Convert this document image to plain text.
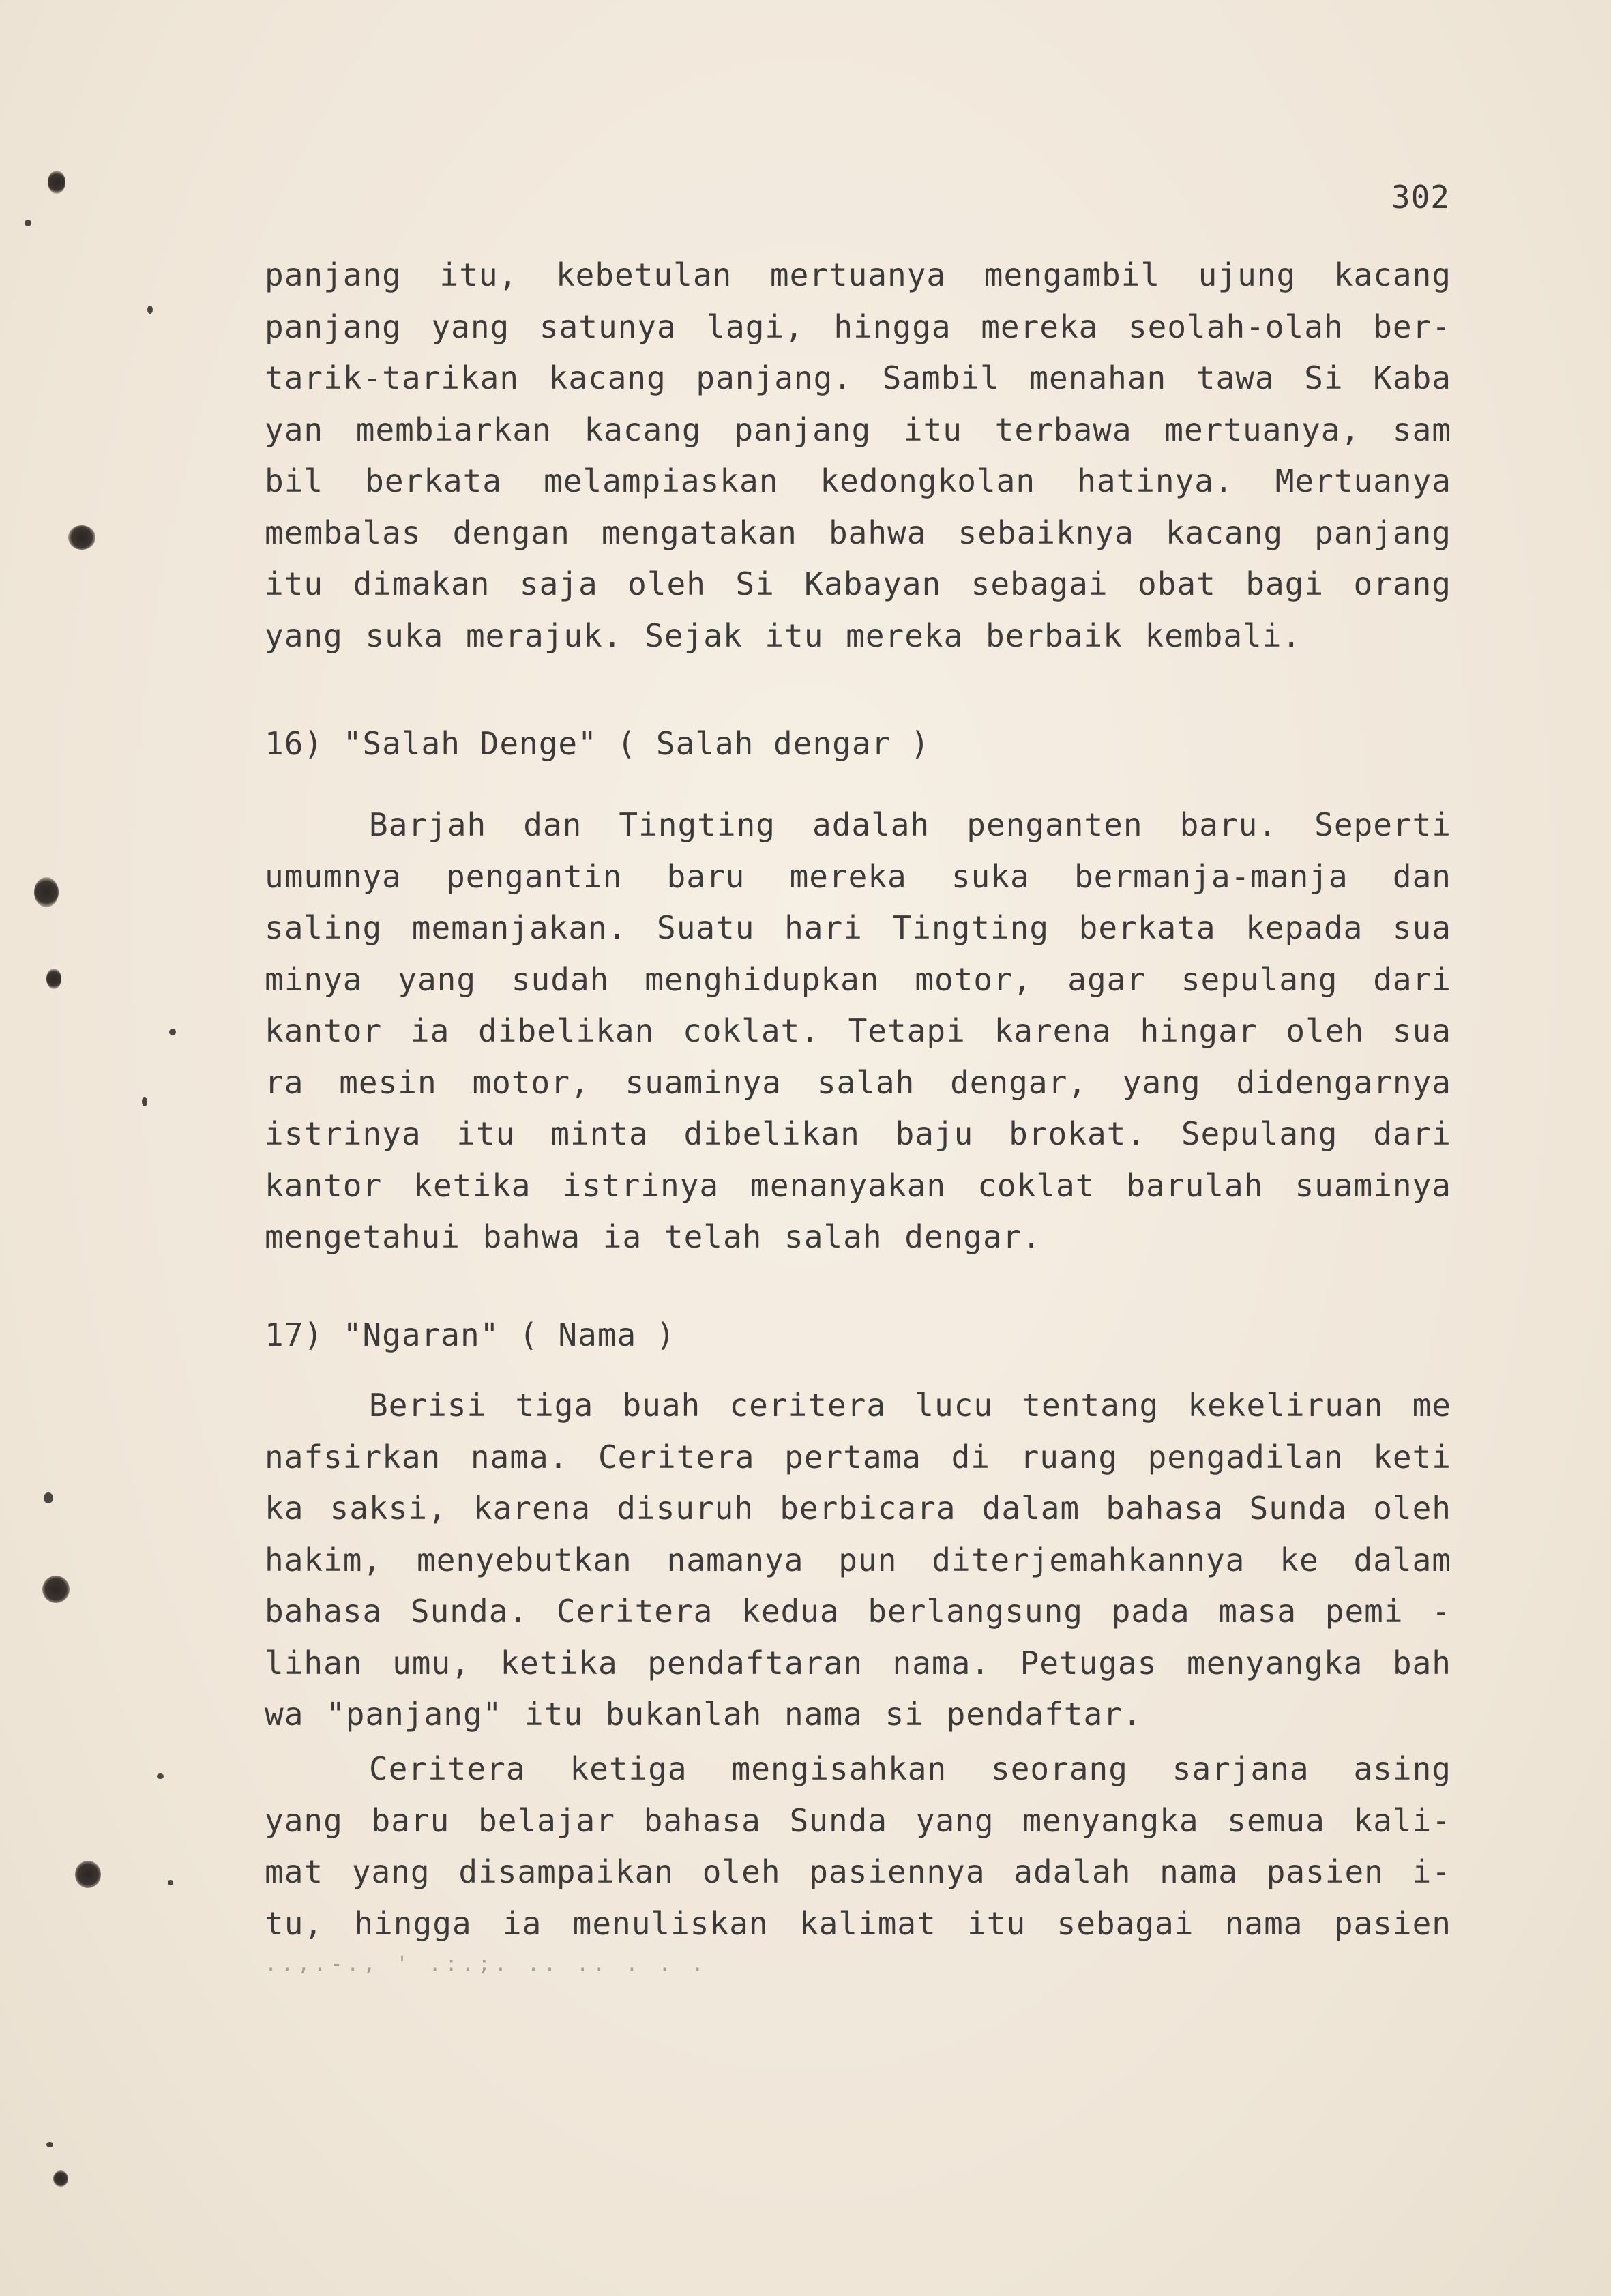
302
panjang itu, kebetulan mertuanya mengambil ujung kacang
panjang yang satunya lagi, hingga mereka seolah-olah ber-
tarik-tarikan kacang panjang. Sambil menahan tawa Si Kaba
yan membiarkan kacang panjang itu terbawa mertuanya, sam
bil berkata melampiaskan kedongkolan hatinya. Mertuanya
membalas dengan mengatakan bahwa sebaiknya kacang panjang
itu dimakan saja oleh Si Kabayan sebagai obat bagi orang
yang suka merajuk. Sejak itu mereka berbaik kembali.
16) "Salah Denge" ( Salah dengar )
Barjah dan Tingting adalah penganten baru. Seperti
umumnya pengantin baru mereka suka bermanja-manja dan
saling memanjakan. Suatu hari Tingting berkata kepada sua
minya yang sudah menghidupkan motor, agar sepulang dari
kantor ia dibelikan coklat. Tetapi karena hingar oleh sua
ra mesin motor, suaminya salah dengar, yang didengarnya
istrinya itu minta dibelikan baju brokat. Sepulang dari
kantor ketika istrinya menanyakan coklat barulah suaminya
mengetahui bahwa ia telah salah dengar.
17) "Ngaran" ( Nama )
Berisi tiga buah ceritera lucu tentang kekeliruan me
nafsirkan nama. Ceritera pertama di ruang pengadilan keti
ka saksi, karena disuruh berbicara dalam bahasa Sunda oleh
hakim, menyebutkan namanya pun diterjemahkannya ke dalam
bahasa Sunda. Ceritera kedua berlangsung pada masa pemi -
lihan umu, ketika pendaftaran nama. Petugas menyangka bah
wa "panjang" itu bukanlah nama si pendaftar.
Ceritera ketiga mengisahkan seorang sarjana asing
yang baru belajar bahasa Sunda yang menyangka semua kali-
mat yang disampaikan oleh pasiennya adalah nama pasien i-
tu, hingga ia menuliskan kalimat itu sebagai nama pasien
..,.-., ' .:.;. .. .. . . .
